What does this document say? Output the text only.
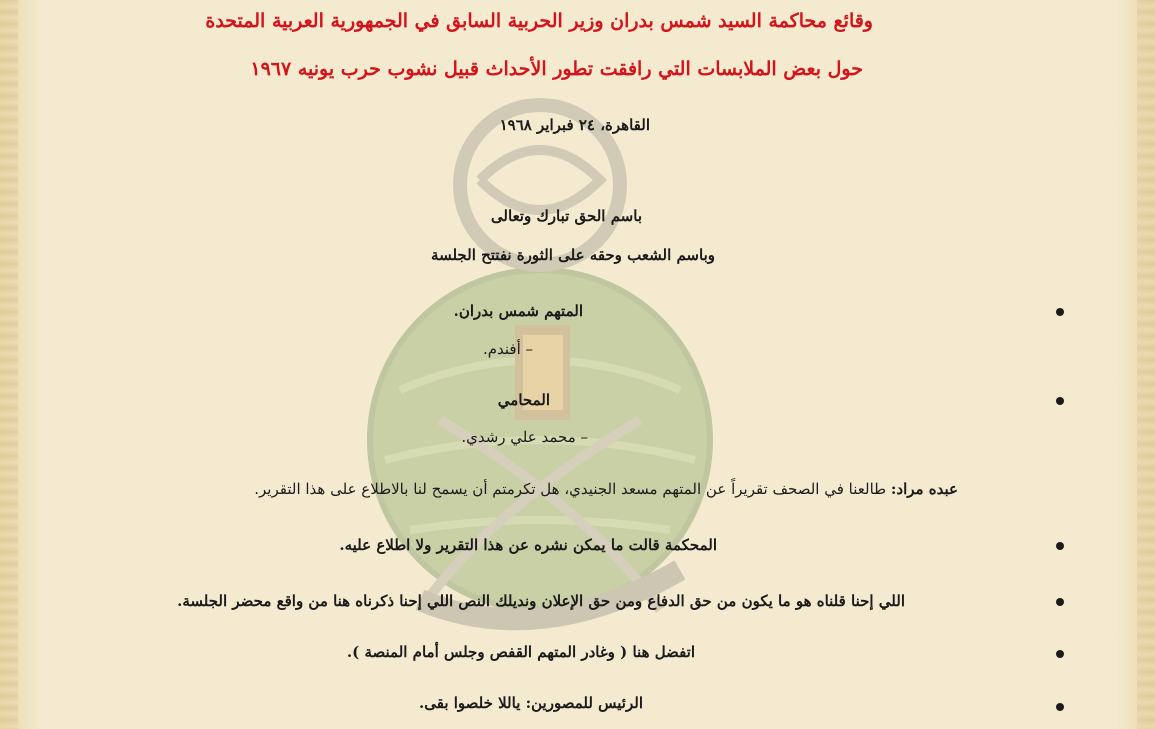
وقائع محاكمة السيد شمس بدران وزير الحربية السابق في الجمهورية العربية المتحدة
حول بعض الملابسات التي رافقت تطور الأحداث قبيل نشوب حرب يونيه ١٩٦٧
القاهرة، ٢٤ فبراير ١٩٦٨
باسم الحق تبارك وتعالى
وباسم الشعب وحقه على الثورة نفتتح الجلسة
المتهم شمس بدران.
– أفندم.
المحامي
– محمد علي رشدي.
عبده مراد: طالعنا في الصحف تقريراً عن المتهم مسعد الجنيدي، هل تكرمتم أن يسمح لنا بالاطلاع على هذا التقرير.
المحكمة قالت ما يمكن نشره عن هذا التقرير ولا اطلاع عليه.
اللي إحنا قلناه هو ما يكون من حق الدفاع ومن حق الإعلان ونديلك النص اللي إحنا ذكرناه هنا من واقع محضر الجلسة.
اتفضل هنا ( وغادر المتهم القفص وجلس أمام المنصة ).
الرئيس للمصورين: ياللا خلصوا بقى.
